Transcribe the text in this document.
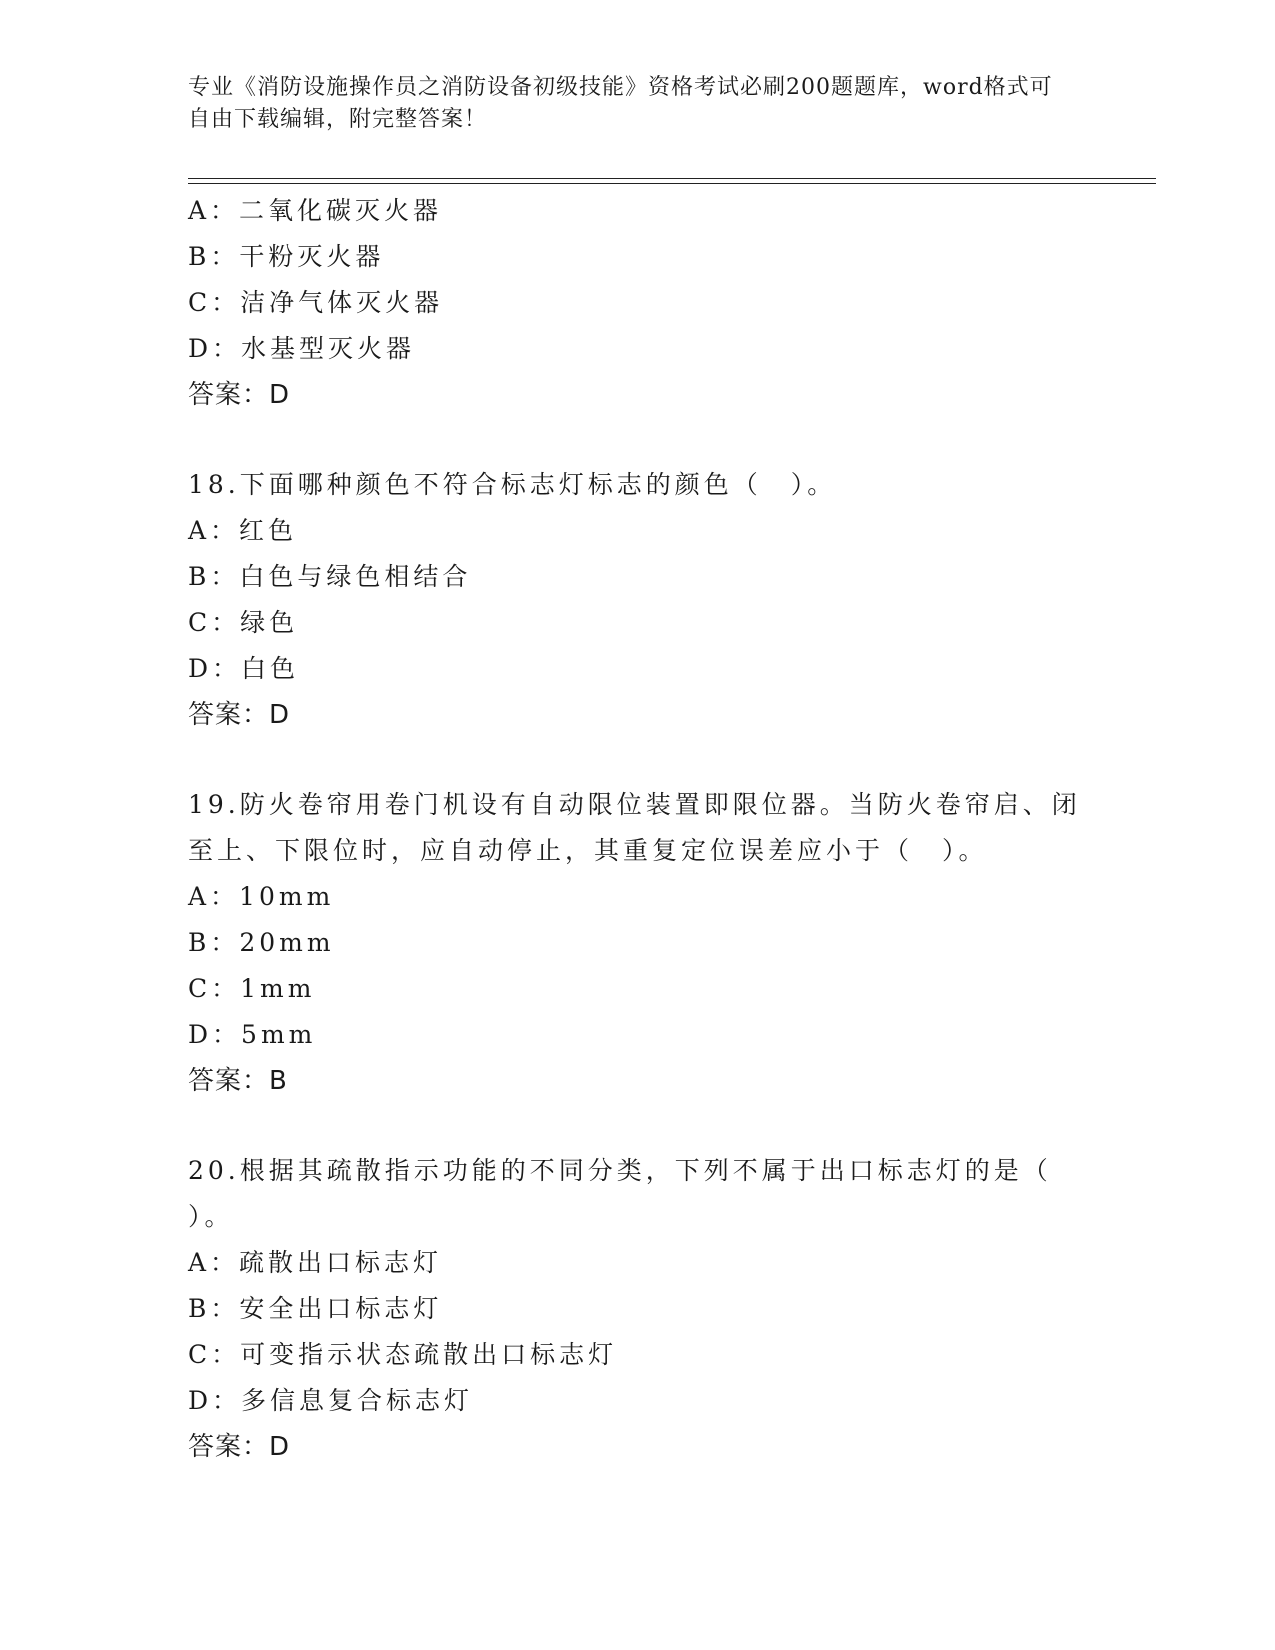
专业《消防设施操作员之消防设备初级技能》资格考试必刷200题题库，word格式可自由下载编辑，附完整答案！
A：二氧化碳灭火器
B：干粉灭火器
C：洁净气体灭火器
D：水基型灭火器
答案：D
18.下面哪种颜色不符合标志灯标志的颜色（　）。
A：红色
B：白色与绿色相结合
C：绿色
D：白色
答案：D
19.防火卷帘用卷门机设有自动限位装置即限位器。当防火卷帘启、闭
至上、下限位时，应自动停止，其重复定位误差应小于（　）。
A：10mm
B：20mm
C：1mm
D：5mm
答案：B
20.根据其疏散指示功能的不同分类，下列不属于出口标志灯的是（
）。
A：疏散出口标志灯
B：安全出口标志灯
C：可变指示状态疏散出口标志灯
D：多信息复合标志灯
答案：D
